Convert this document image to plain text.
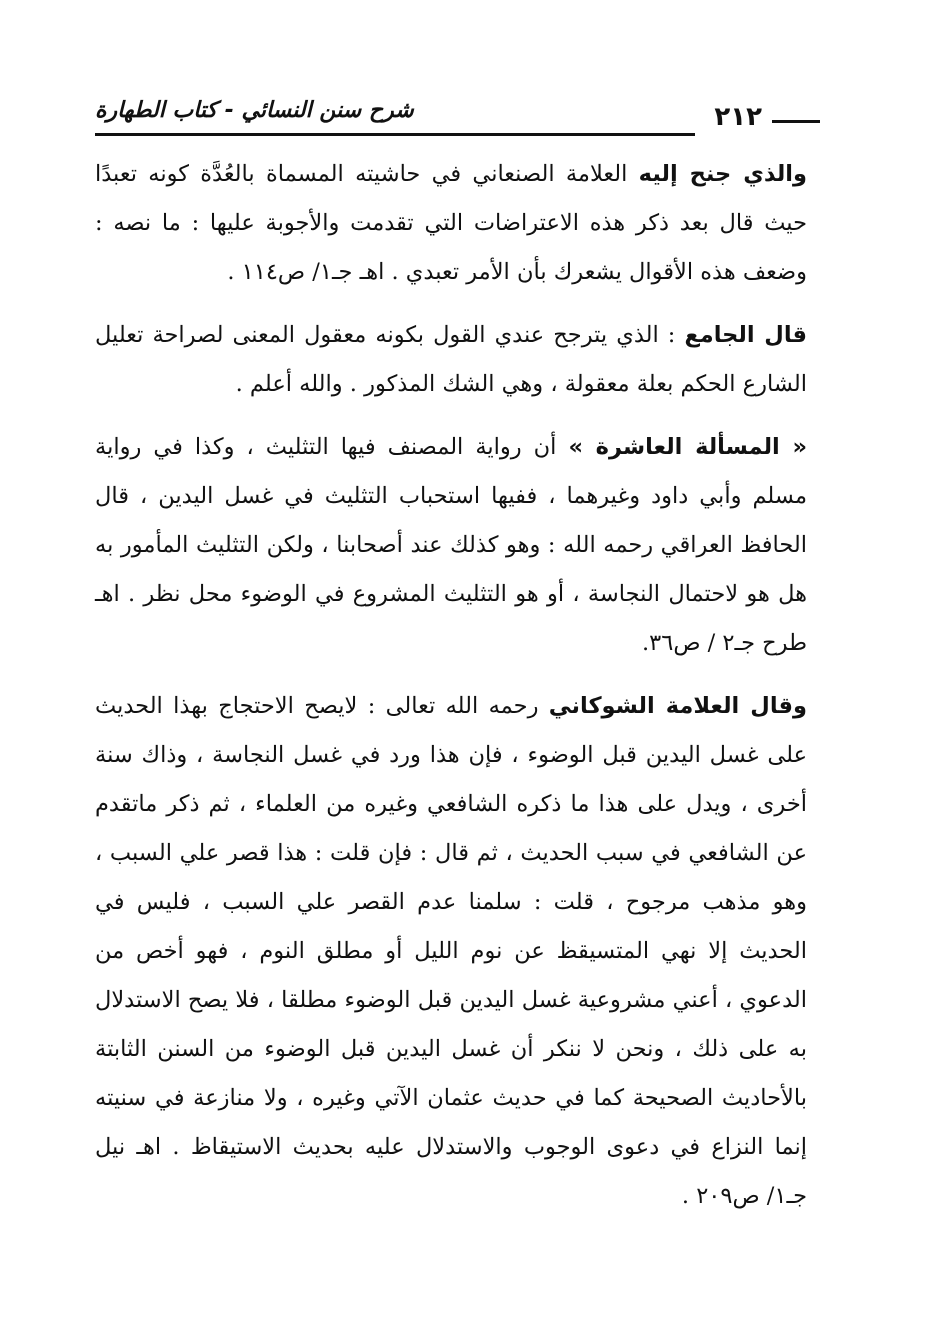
٢١٢
شرح سنن النسائي - كتاب الطهارة

والذي جنح إليه العلامة الصنعاني في حاشيته المسماة بالعُدَّة كونه تعبدًا حيث قال بعد ذكر هذه الاعتراضات التي تقدمت والأجوبة عليها : ما نصه : وضعف هذه الأقوال يشعرك بأن الأمر تعبدي . اهـ جـ١/ ص١١٤ .

قال الجامع : الذي يترجح عندي القول بكونه معقول المعنى لصراحة تعليل الشارع الحكم بعلة معقولة ، وهي الشك المذكور . والله أعلم .

« المسألة العاشرة » أن رواية المصنف فيها التثليث ، وكذا في رواية مسلم وأبي داود وغيرهما ، ففيها استحباب التثليث في غسل اليدين ، قال الحافظ العراقي رحمه الله : وهو كذلك عند أصحابنا ، ولكن التثليث المأمور به هل هو لاحتمال النجاسة ، أو هو التثليث المشروع في الوضوء محل نظر . اهـ طرح جـ٢ / ص٣٦.

وقال العلامة الشوكاني رحمه الله تعالى : لايصح الاحتجاج بهذا الحديث على غسل اليدين قبل الوضوء ، فإن هذا ورد في غسل النجاسة ، وذاك سنة أخرى ، ويدل على هذا ما ذكره الشافعي وغيره من العلماء ، ثم ذكر ماتقدم عن الشافعي في سبب الحديث ، ثم قال : فإن قلت : هذا قصر علي السبب ، وهو مذهب مرجوح ، قلت : سلمنا عدم القصر علي السبب ، فليس في الحديث إلا نهي المتسيقظ عن نوم الليل أو مطلق النوم ، فهو أخص من الدعوي ، أعني مشروعية غسل اليدين قبل الوضوء مطلقا ، فلا يصح الاستدلال به على ذلك ، ونحن لا ننكر أن غسل اليدين قبل الوضوء من السنن الثابتة بالأحاديث الصحيحة كما في حديث عثمان الآتي وغيره ، ولا منازعة في سنيته إنما النزاع في دعوى الوجوب والاستدلال عليه بحديث الاستيقاظ . اهـ نيل جـ١/ ص٢٠٩ .
